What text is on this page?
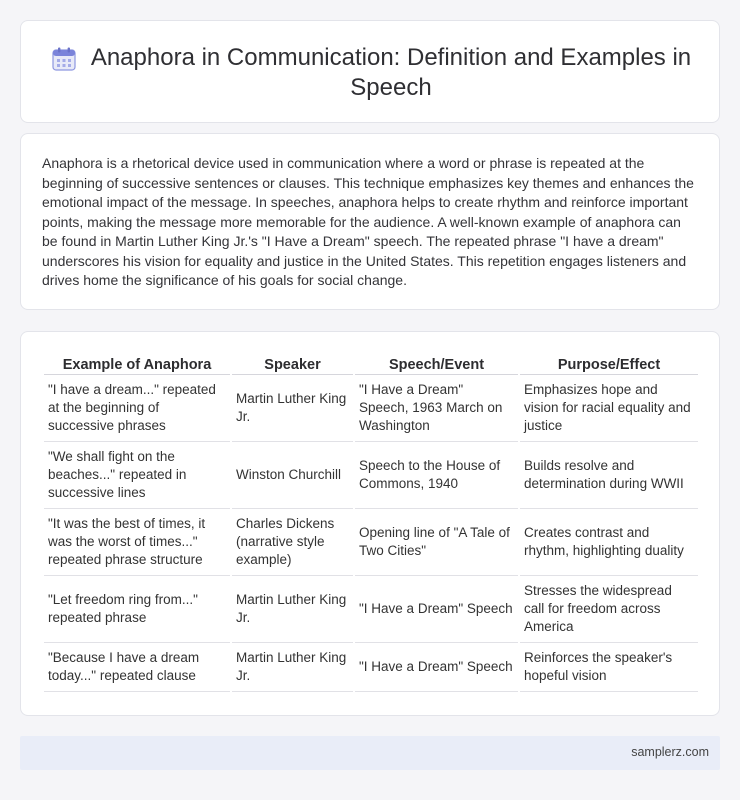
Anaphora in Communication: Definition and Examples in Speech

Anaphora is a rhetorical device used in communication where a word or phrase is repeated at the beginning of successive sentences or clauses. This technique emphasizes key themes and enhances the emotional impact of the message. In speeches, anaphora helps to create rhythm and reinforce important points, making the message more memorable for the audience. A well-known example of anaphora can be found in Martin Luther King Jr.'s "I Have a Dream" speech. The repeated phrase "I have a dream" underscores his vision for equality and justice in the United States. This repetition engages listeners and drives home the significance of his goals for social change.

Example of Anaphora	Speaker	Speech/Event	Purpose/Effect
"I have a dream..." repeated at the beginning of successive phrases	Martin Luther King Jr.	"I Have a Dream" Speech, 1963 March on Washington	Emphasizes hope and vision for racial equality and justice
"We shall fight on the beaches..." repeated in successive lines	Winston Churchill	Speech to the House of Commons, 1940	Builds resolve and determination during WWII
"It was the best of times, it was the worst of times..." repeated phrase structure	Charles Dickens (narrative style example)	Opening line of "A Tale of Two Cities"	Creates contrast and rhythm, highlighting duality
"Let freedom ring from..." repeated phrase	Martin Luther King Jr.	"I Have a Dream" Speech	Stresses the widespread call for freedom across America
"Because I have a dream today..." repeated clause	Martin Luther King Jr.	"I Have a Dream" Speech	Reinforces the speaker's hopeful vision
samplerz.com
